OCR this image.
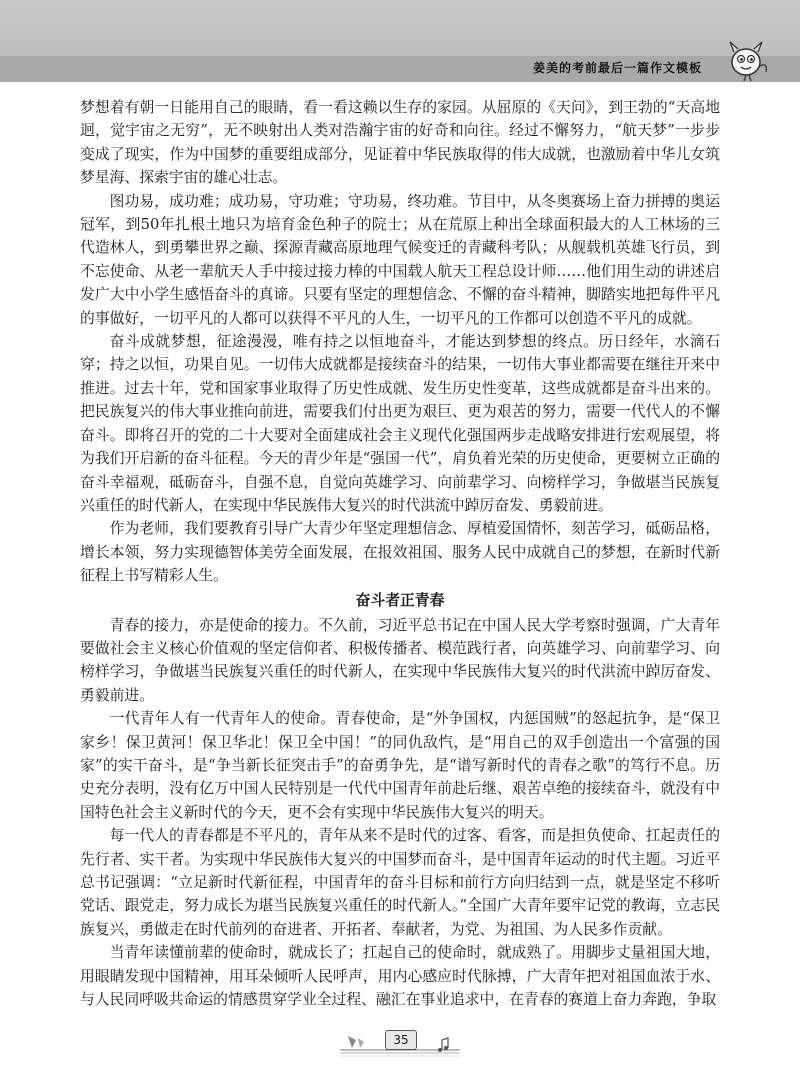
姜美的考前最后一篇作文模板

梦想着有朝一日能用自己的眼睛，看一看这赖以生存的家园。从屈原的《天问》，到王勃的“天高地迥，觉宇宙之无穷”，无不映射出人类对浩瀚宇宙的好奇和向往。经过不懈努力，“航天梦”一步步变成了现实，作为中国梦的重要组成部分，见证着中华民族取得的伟大成就，也激励着中华儿女筑梦星海、探索宇宙的雄心壮志。

图功易，成功难；成功易，守功难；守功易，终功难。节目中，从冬奥赛场上奋力拼搏的奥运冠军，到50年扎根土地只为培育金色种子的院士；从在荒原上种出全球面积最大的人工林场的三代造林人，到勇攀世界之巅、探源青藏高原地理气候变迁的青藏科考队；从舰载机英雄飞行员，到不忘使命、从老一辈航天人手中接过接力棒的中国载人航天工程总设计师……他们用生动的讲述启发广大中小学生感悟奋斗的真谛。只要有坚定的理想信念、不懈的奋斗精神，脚踏实地把每件平凡的事做好，一切平凡的人都可以获得不平凡的人生，一切平凡的工作都可以创造不平凡的成就。

奋斗成就梦想，征途漫漫，唯有持之以恒地奋斗，才能达到梦想的终点。历日经年，水滴石穿；持之以恒，功果自见。一切伟大成就都是接续奋斗的结果，一切伟大事业都需要在继往开来中推进。过去十年，党和国家事业取得了历史性成就、发生历史性变革，这些成就都是奋斗出来的。把民族复兴的伟大事业推向前进，需要我们付出更为艰巨、更为艰苦的努力，需要一代代人的不懈奋斗。即将召开的党的二十大要对全面建成社会主义现代化强国两步走战略安排进行宏观展望，将为我们开启新的奋斗征程。今天的青少年是“强国一代”，肩负着光荣的历史使命，更要树立正确的奋斗幸福观，砥砺奋斗，自强不息，自觉向英雄学习、向前辈学习、向榜样学习，争做堪当民族复兴重任的时代新人，在实现中华民族伟大复兴的时代洪流中踔厉奋发、勇毅前进。

作为老师，我们要教育引导广大青少年坚定理想信念、厚植爱国情怀，刻苦学习，砥砺品格，增长本领，努力实现德智体美劳全面发展，在报效祖国、服务人民中成就自己的梦想，在新时代新征程上书写精彩人生。

奋斗者正青春

青春的接力，亦是使命的接力。不久前，习近平总书记在中国人民大学考察时强调，广大青年要做社会主义核心价值观的坚定信仰者、积极传播者、模范践行者，向英雄学习、向前辈学习、向榜样学习，争做堪当民族复兴重任的时代新人，在实现中华民族伟大复兴的时代洪流中踔厉奋发、勇毅前进。

一代青年人有一代青年人的使命。青春使命，是“外争国权，内惩国贼”的怒起抗争，是“保卫家乡！保卫黄河！保卫华北！保卫全中国！”的同仇敌忾，是“用自己的双手创造出一个富强的国家”的实干奋斗，是“争当新长征突击手”的奋勇争先，是“谱写新时代的青春之歌”的笃行不息。历史充分表明，没有亿万中国人民特别是一代代中国青年前赴后继、艰苦卓绝的接续奋斗，就没有中国特色社会主义新时代的今天，更不会有实现中华民族伟大复兴的明天。

每一代人的青春都是不平凡的，青年从来不是时代的过客、看客，而是担负使命、扛起责任的先行者、实干者。为实现中华民族伟大复兴的中国梦而奋斗，是中国青年运动的时代主题。习近平总书记强调：“立足新时代新征程，中国青年的奋斗目标和前行方向归结到一点，就是坚定不移听党话、跟党走，努力成长为堪当民族复兴重任的时代新人。”全国广大青年要牢记党的教诲，立志民族复兴，勇做走在时代前列的奋进者、开拓者、奉献者，为党、为祖国、为人民多作贡献。

当青年读懂前辈的使命时，就成长了；扛起自己的使命时，就成熟了。用脚步丈量祖国大地，用眼睛发现中国精神，用耳朵倾听人民呼声，用内心感应时代脉搏，广大青年把对祖国血浓于水、与人民同呼吸共命运的情感贯穿学业全过程、融汇在事业追求中，在青春的赛道上奋力奔跑，争取

35
